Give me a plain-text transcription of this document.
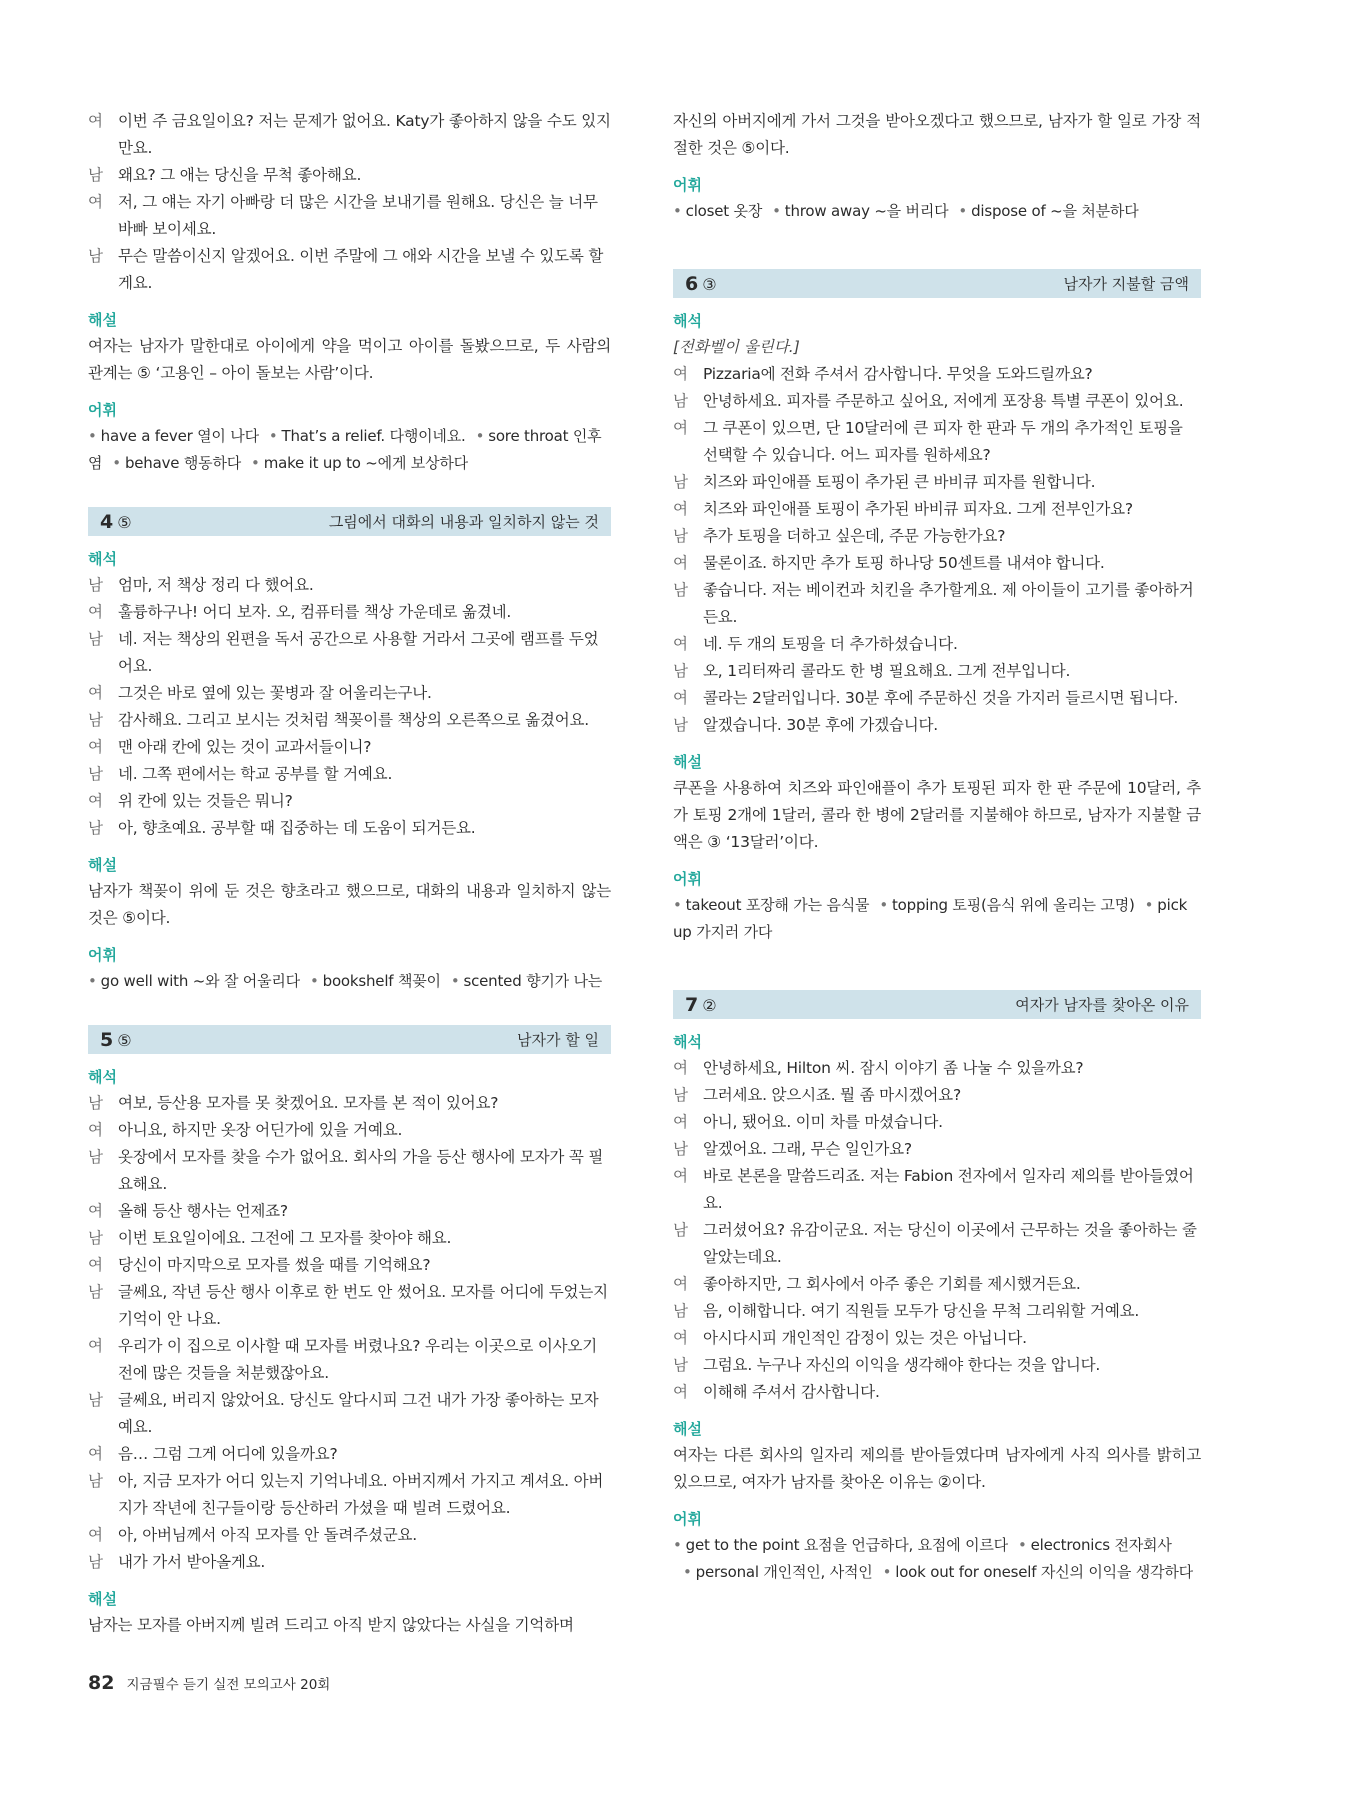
여 이번 주 금요일이요? 저는 문제가 없어요. Katy가 좋아하지 않을 수도 있지만요.
남 왜요? 그 애는 당신을 무척 좋아해요.
여 저, 그 얘는 자기 아빠랑 더 많은 시간을 보내기를 원해요. 당신은 늘 너무 바빠 보이세요.
남 무슨 말씀이신지 알겠어요. 이번 주말에 그 애와 시간을 보낼 수 있도록 할게요.
해설
여자는 남자가 말한대로 아이에게 약을 먹이고 아이를 돌봤으므로, 두 사람의 관계는 ⑤ ‘고용인 – 아이 돌보는 사람’이다.
어휘
• have a fever 열이 나다 • That’s a relief. 다행이네요. • sore throat 인후염 • behave 행동하다 • make it up to ~에게 보상하다
4 ⑤	그림에서 대화의 내용과 일치하지 않는 것
해석
남 엄마, 저 책상 정리 다 했어요.
여 훌륭하구나! 어디 보자. 오, 컴퓨터를 책상 가운데로 옮겼네.
남 네. 저는 책상의 왼편을 독서 공간으로 사용할 거라서 그곳에 램프를 두었어요.
여 그것은 바로 옆에 있는 꽃병과 잘 어울리는구나.
남 감사해요. 그리고 보시는 것처럼 책꽂이를 책상의 오른쪽으로 옮겼어요.
여 맨 아래 칸에 있는 것이 교과서들이니?
남 네. 그쪽 편에서는 학교 공부를 할 거예요.
여 위 칸에 있는 것들은 뭐니?
남 아, 향초예요. 공부할 때 집중하는 데 도움이 되거든요.
해설
남자가 책꽂이 위에 둔 것은 향초라고 했으므로, 대화의 내용과 일치하지 않는 것은 ⑤이다.
어휘
• go well with ~와 잘 어울리다 • bookshelf 책꽂이 • scented 향기가 나는
5 ⑤	남자가 할 일
해석
남 여보, 등산용 모자를 못 찾겠어요. 모자를 본 적이 있어요?
여 아니요, 하지만 옷장 어딘가에 있을 거예요.
남 옷장에서 모자를 찾을 수가 없어요. 회사의 가을 등산 행사에 모자가 꼭 필요해요.
여 올해 등산 행사는 언제죠?
남 이번 토요일이에요. 그전에 그 모자를 찾아야 해요.
여 당신이 마지막으로 모자를 썼을 때를 기억해요?
남 글쎄요, 작년 등산 행사 이후로 한 번도 안 썼어요. 모자를 어디에 두었는지 기억이 안 나요.
여 우리가 이 집으로 이사할 때 모자를 버렸나요? 우리는 이곳으로 이사오기 전에 많은 것들을 처분했잖아요.
남 글쎄요, 버리지 않았어요. 당신도 알다시피 그건 내가 가장 좋아하는 모자예요.
여 음… 그럼 그게 어디에 있을까요?
남 아, 지금 모자가 어디 있는지 기억나네요. 아버지께서 가지고 계셔요. 아버지가 작년에 친구들이랑 등산하러 가셨을 때 빌려 드렸어요.
여 아, 아버님께서 아직 모자를 안 돌려주셨군요.
남 내가 가서 받아올게요.
해설
남자는 모자를 아버지께 빌려 드리고 아직 받지 않았다는 사실을 기억하며
자신의 아버지에게 가서 그것을 받아오겠다고 했으므로, 남자가 할 일로 가장 적절한 것은 ⑤이다.
어휘
• closet 옷장 • throw away ~을 버리다 • dispose of ~을 처분하다
6 ③	남자가 지불할 금액
해석
[전화벨이 울린다.]
여 Pizzaria에 전화 주셔서 감사합니다. 무엇을 도와드릴까요?
남 안녕하세요. 피자를 주문하고 싶어요, 저에게 포장용 특별 쿠폰이 있어요.
여 그 쿠폰이 있으면, 단 10달러에 큰 피자 한 판과 두 개의 추가적인 토핑을 선택할 수 있습니다. 어느 피자를 원하세요?
남 치즈와 파인애플 토핑이 추가된 큰 바비큐 피자를 원합니다.
여 치즈와 파인애플 토핑이 추가된 바비큐 피자요. 그게 전부인가요?
남 추가 토핑을 더하고 싶은데, 주문 가능한가요?
여 물론이죠. 하지만 추가 토핑 하나당 50센트를 내셔야 합니다.
남 좋습니다. 저는 베이컨과 치킨을 추가할게요. 제 아이들이 고기를 좋아하거든요.
여 네. 두 개의 토핑을 더 추가하셨습니다.
남 오, 1리터짜리 콜라도 한 병 필요해요. 그게 전부입니다.
여 콜라는 2달러입니다. 30분 후에 주문하신 것을 가지러 들르시면 됩니다.
남 알겠습니다. 30분 후에 가겠습니다.
해설
쿠폰을 사용하여 치즈와 파인애플이 추가 토핑된 피자 한 판 주문에 10달러, 추가 토핑 2개에 1달러, 콜라 한 병에 2달러를 지불해야 하므로, 남자가 지불할 금액은 ③ ‘13달러’이다.
어휘
• takeout 포장해 가는 음식물 • topping 토핑(음식 위에 올리는 고명) • pick up 가지러 가다
7 ②	여자가 남자를 찾아온 이유
해석
여 안녕하세요, Hilton 씨. 잠시 이야기 좀 나눌 수 있을까요?
남 그러세요. 앉으시죠. 뭘 좀 마시겠어요?
여 아니, 됐어요. 이미 차를 마셨습니다.
남 알겠어요. 그래, 무슨 일인가요?
여 바로 본론을 말씀드리죠. 저는 Fabion 전자에서 일자리 제의를 받아들였어요.
남 그러셨어요? 유감이군요. 저는 당신이 이곳에서 근무하는 것을 좋아하는 줄 알았는데요.
여 좋아하지만, 그 회사에서 아주 좋은 기회를 제시했거든요.
남 음, 이해합니다. 여기 직원들 모두가 당신을 무척 그리워할 거예요.
여 아시다시피 개인적인 감정이 있는 것은 아닙니다.
남 그럼요. 누구나 자신의 이익을 생각해야 한다는 것을 압니다.
여 이해해 주셔서 감사합니다.
해설
여자는 다른 회사의 일자리 제의를 받아들였다며 남자에게 사직 의사를 밝히고 있으므로, 여자가 남자를 찾아온 이유는 ②이다.
어휘
• get to the point 요점을 언급하다, 요점에 이르다 • electronics 전자회사• personal 개인적인, 사적인 • look out for oneself 자신의 이익을 생각하다
82 지금필수 듣기 실전 모의고사 20회
